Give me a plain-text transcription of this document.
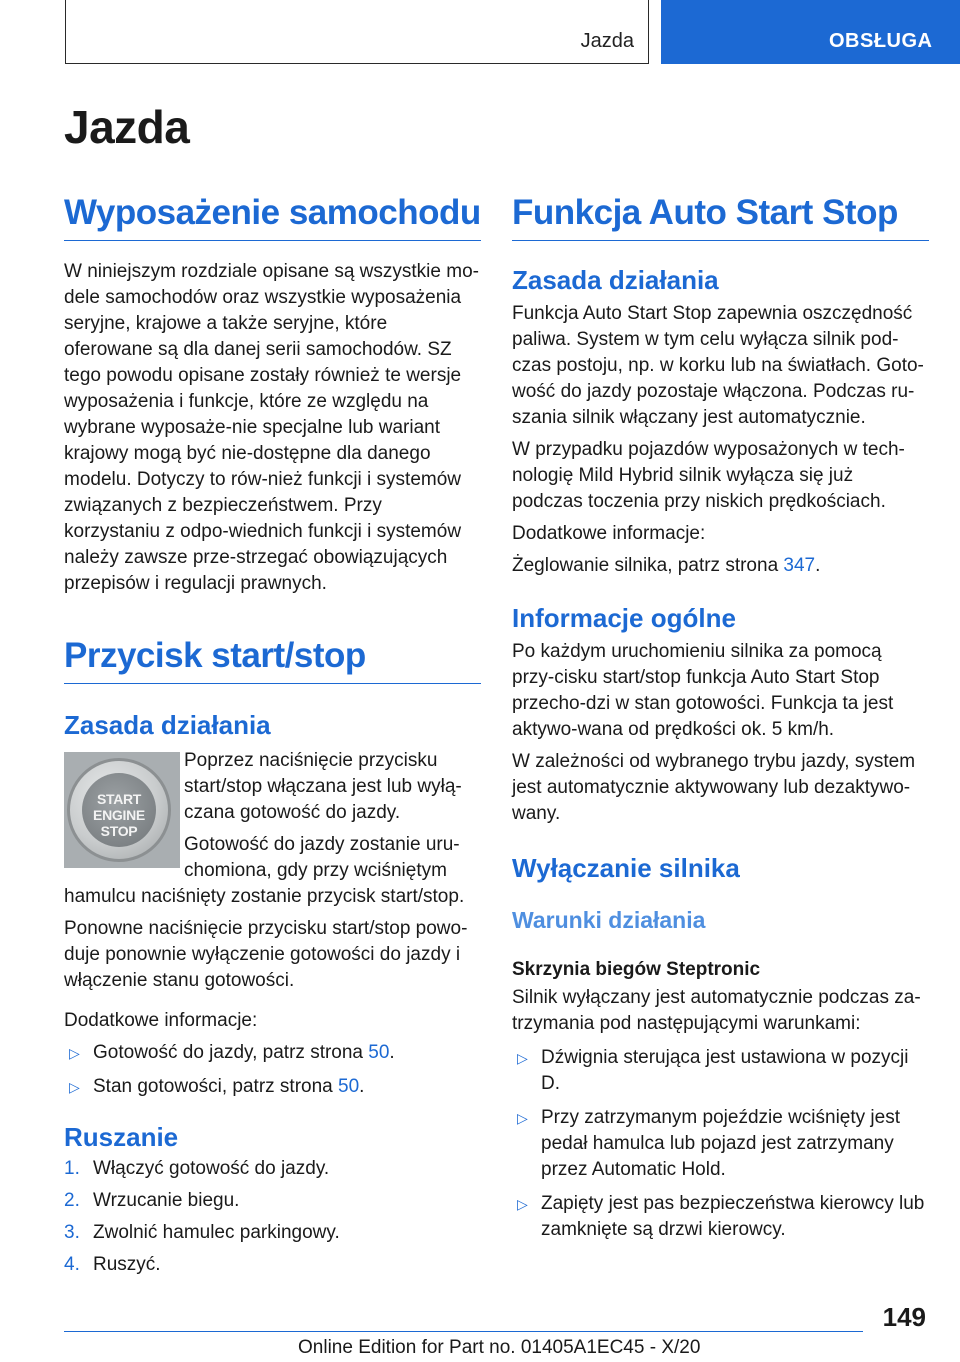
Jazda	OBSŁUGA
Jazda
Wyposażenie samochodu

W niniejszym rozdziale opisane są wszystkie mo-dele samochodów oraz wszystkie wyposażenia seryjne, krajowe a także seryjne, które oferowane są dla danej serii samochodów. SZ tego powodu opisane zostały również te wersje wyposażenia i funkcje, które ze względu na wybrane wyposaże-nie specjalne lub wariant krajowy mogą być nie-dostępne dla danego modelu. Dotyczy to rów-nież funkcji i systemów związanych z bezpieczeństwem. Przy korzystaniu z odpo-wiednich funkcji i systemów należy zawsze prze-strzegać obowiązujących przepisów i regulacji prawnych.

Przycisk start/stop
Zasada działania
START
ENGINE
STOP

Poprzez naciśnięcie przycisku start/stop włączana jest lub wyłą-czana gotowość do jazdy.

Gotowość do jazdy zostanie uru-chomiona, gdy przy wciśniętym hamulcu naciśnięty zostanie przycisk start/stop.

Ponowne naciśnięcie przycisku start/stop powo-duje ponownie wyłączenie gotowości do jazdy i włączenie stanu gotowości.

Dodatkowe informacje:

▷ Gotowość do jazdy, patrz strona 50.
▷ Stan gotowości, patrz strona 50.
Ruszanie
1. Włączyć gotowość do jazdy.
2. Wrzucanie biegu.
3. Zwolnić hamulec parkingowy.
4. Ruszyć.
Funkcja Auto Start Stop
Zasada działania

Funkcja Auto Start Stop zapewnia oszczędność paliwa. System w tym celu wyłącza silnik pod-czas postoju, np. w korku lub na światłach. Goto-wość do jazdy pozostaje włączona. Podczas ru-szania silnik włączany jest automatycznie.

W przypadku pojazdów wyposażonych w tech-nologię Mild Hybrid silnik wyłącza się już podczas toczenia przy niskich prędkościach.

Dodatkowe informacje:

Żeglowanie silnika, patrz strona 347.

Informacje ogólne

Po każdym uruchomieniu silnika za pomocą przy-cisku start/stop funkcja Auto Start Stop przecho-dzi w stan gotowości. Funkcja ta jest aktywo-wana od prędkości ok. 5 km/h.

W zależności od wybranego trybu jazdy, system jest automatycznie aktywowany lub dezaktywo-wany.

Wyłączanie silnika
Warunki działania
Skrzynia biegów Steptronic

Silnik wyłączany jest automatycznie podczas za-trzymania pod następującymi warunkami:

▷ Dźwignia sterująca jest ustawiona w pozycji D.
▷ Przy zatrzymanym pojeździe wciśnięty jest pedał hamulca lub pojazd jest zatrzymany przez Automatic Hold.
▷ Zapięty jest pas bezpieczeństwa kierowcy lub zamknięte są drzwi kierowcy.
149
Online Edition for Part no. 01405A1EC45 - X/20
